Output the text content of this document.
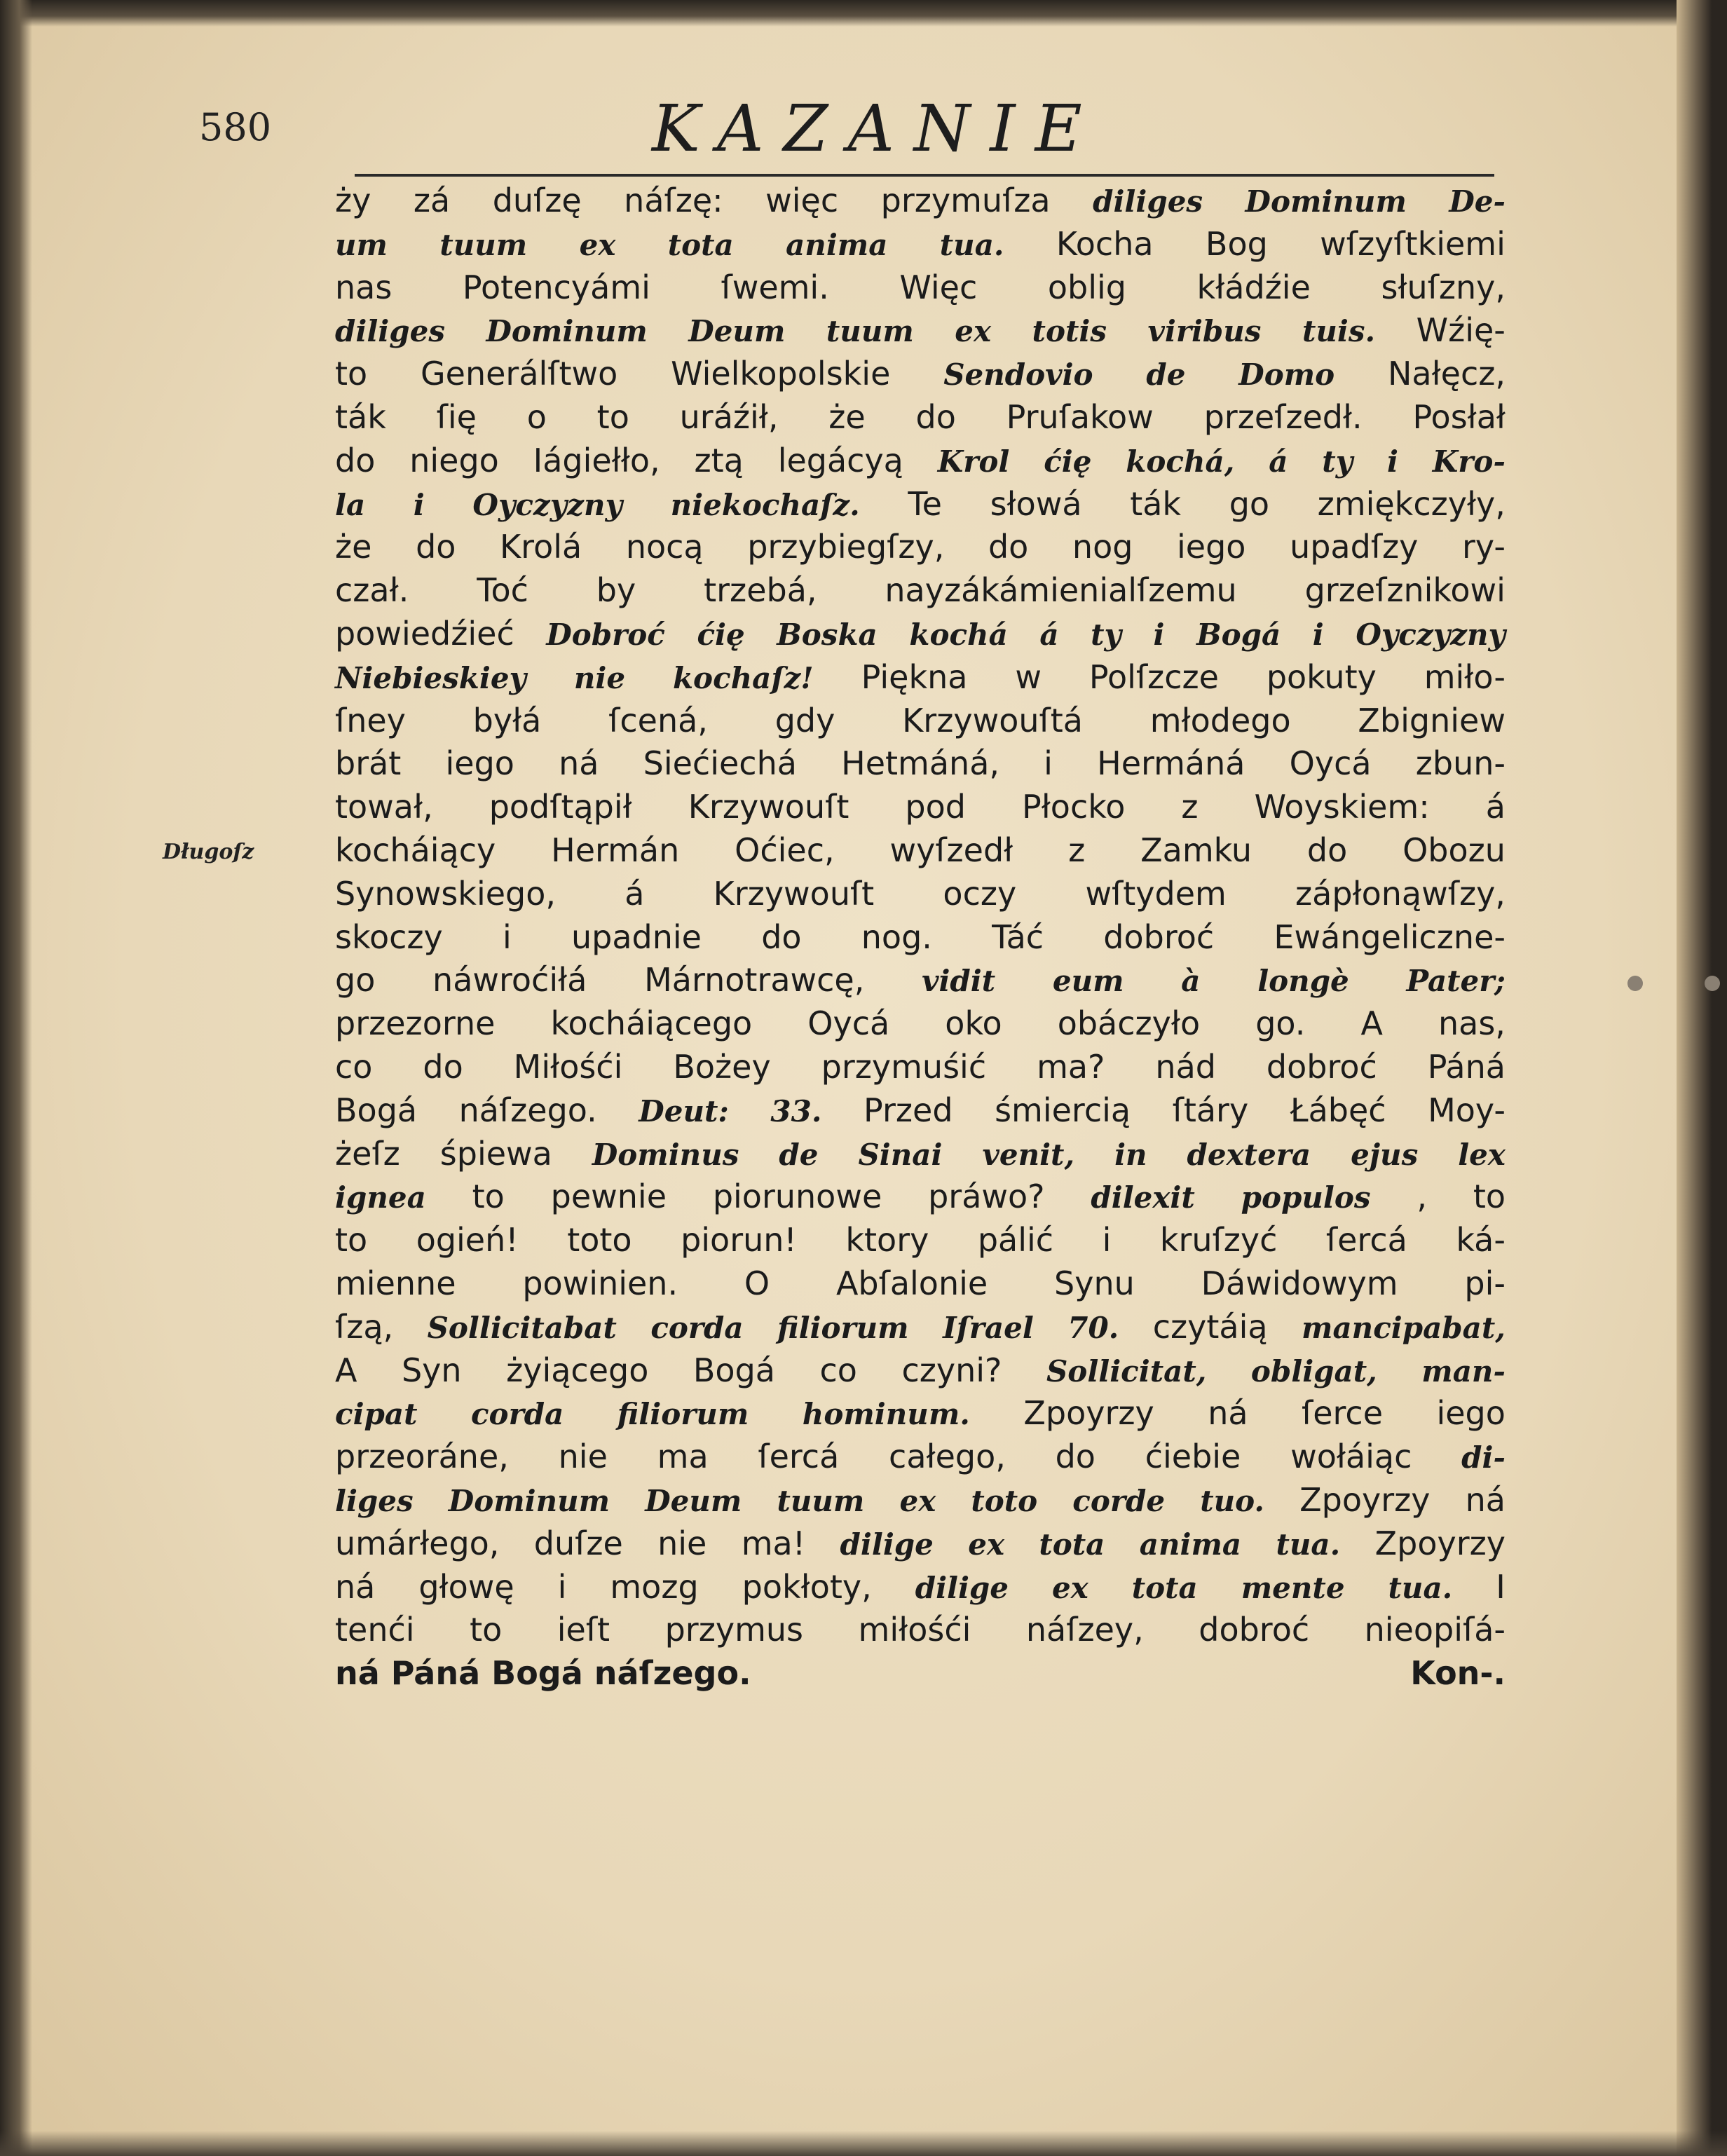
580	KAZANIE

Długoſz

ży zá duſzę náſzę: więc przymuſza diliges Dominum De-
um tuum ex tota anima tua. Kocha Bog wſzyſtkiemi
nas Potencyámi ſwemi. Więc oblig kłádźie słuſzny,
diliges Dominum Deum tuum ex totis viribus tuis. Wźię-
to Generálſtwo Wielkopolskie Sendovio de Domo Nałęcz,
ták ſię o to uráźił, że do Pruſakow przeſzedł. Posłał
do niego Iágiełło, ztą legácyą Krol ćię kochá, á ty i Kro-
la i Oyczyzny niekochaſz. Te słowá ták go zmiękczyły,
że do Krolá nocą przybiegſzy, do nog iego upadſzy ry-
czał. Toć by trzebá, nayzákámienialſzemu grzeſznikowi
powiedźieć Dobroć ćię Boska kochá á ty i Bogá i Oyczyzny
Niebieskiey nie kochaſz! Piękna w Polſzcze pokuty miło-
ſney byłá ſcená, gdy Krzywouſtá młodego Zbigniew
brát iego ná Siećiechá Hetmáná, i Hermáná Oycá zbun-
tował, podſtąpił Krzywouſt pod Płocko z Woyskiem: á
kocháiący Hermán Oćiec, wyſzedł z Zamku do Obozu
Synowskiego, á Krzywouſt oczy wſtydem zápłonąwſzy,
skoczy i upadnie do nog. Táć dobroć Ewángeliczne-
go náwroćiłá Márnotrawcę, vidit eum à longè Pater;
przezorne kocháiącego Oycá oko obáczyło go. A nas,
co do Miłośći Bożey przymuśić ma? nád dobroć Páná
Bogá náſzego. Deut: 33. Przed śmiercią ſtáry Łábęć Moy-
żeſz śpiewa Dominus de Sinai venit, in dextera ejus lex
ignea to pewnie piorunowe práwo? dilexit populos , to
to ogień! toto piorun! ktory pálić i kruſzyć ſercá ká-
mienne powinien. O Abſalonie Synu Dáwidowym pi-
ſzą, Sollicitabat corda filiorum Iſrael 70. czytáią mancipabat,
A Syn żyiącego Bogá co czyni? Sollicitat, obligat, man-
cipat corda filiorum hominum. Zpoyrzy ná ſerce iego
przeoráne, nie ma ſercá całego, do ćiebie wołáiąc di-
liges Dominum Deum tuum ex toto corde tuo. Zpoyrzy ná
umárłego, duſze nie ma! dilige ex tota anima tua. Zpoyrzy
ná głowę i mozg pokłoty, dilige ex tota mente tua. I
tenći to ieſt przymus miłośći náſzey, dobroć nieopiſá-
ná Páná Bogá náſzego.	Kon-.
